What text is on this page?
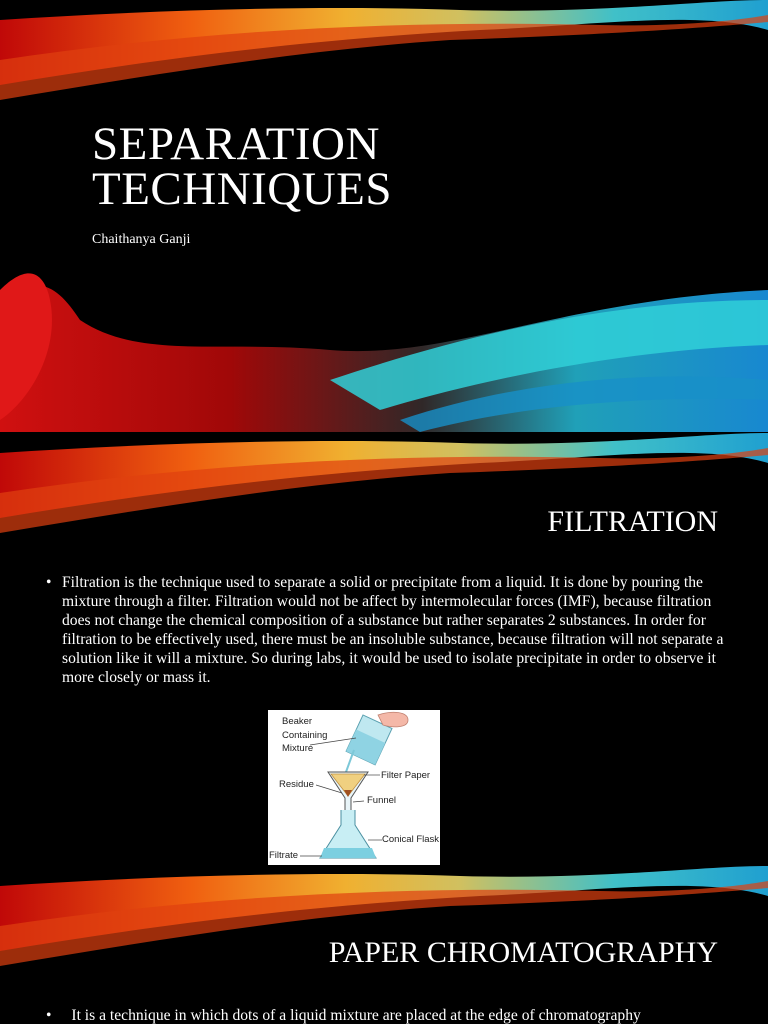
SEPARATION
TECHNIQUES
Chaithanya Ganji
FILTRATION
• Filtration is the technique used to separate a solid or precipitate from a liquid. It is done by pouring the mixture through a filter. Filtration would not be affect by intermolecular forces (IMF), because filtration does not change the chemical composition of a substance but rather separates 2 substances. In order for filtration to be effectively used, there must be an insoluble substance, because filtration will not separate a solution like it will a mixture. So during labs, it would be used to isolate precipitate in order to observe it more closely or mass it.
Beaker
Containing
Mixture
Filter Paper
Residue
Funnel
Conical Flask
Filtrate
PAPER CHROMATOGRAPHY
• It is a technique in which dots of a liquid mixture are placed at the edge of chromatography
